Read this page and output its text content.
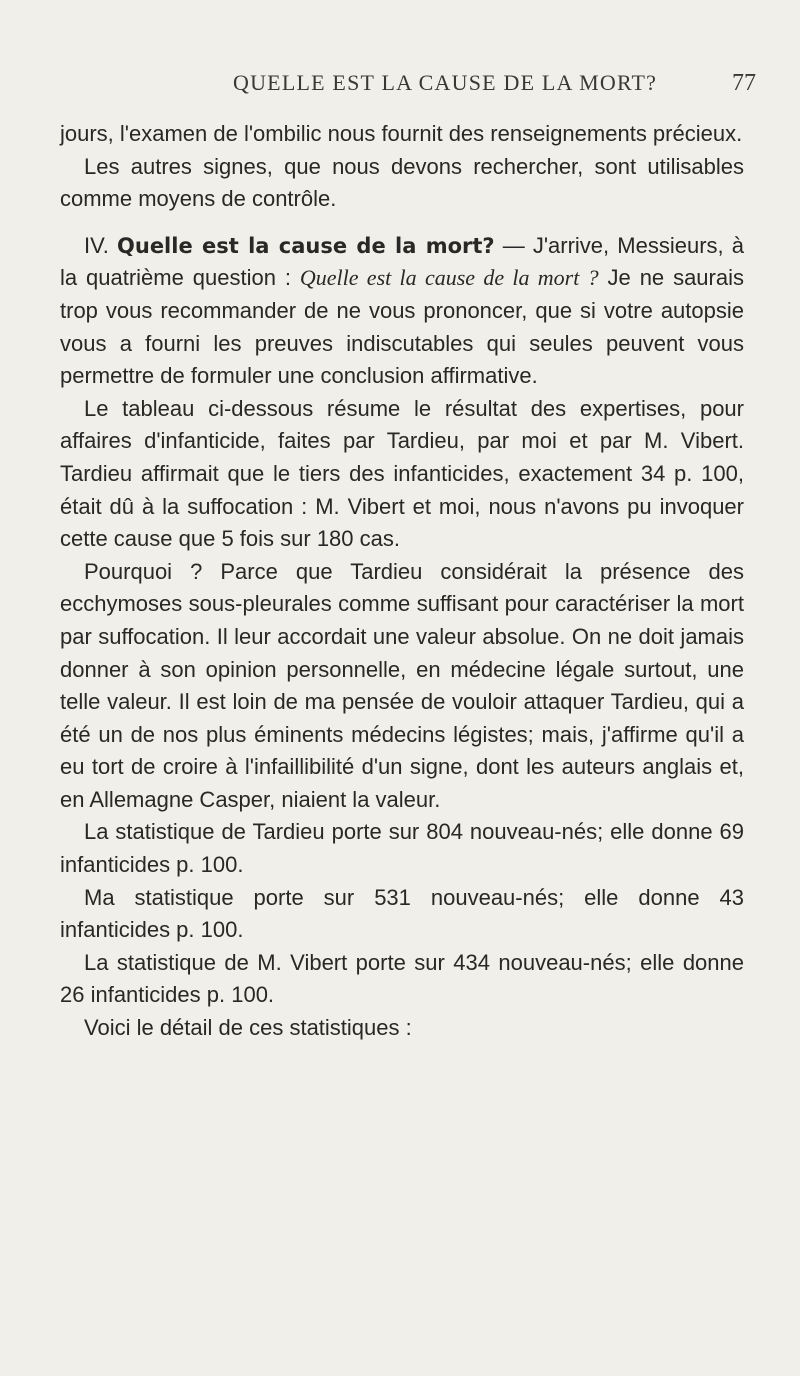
QUELLE EST LA CAUSE DE LA MORT?	77

jours, l'examen de l'ombilic nous fournit des renseignements précieux.

Les autres signes, que nous devons rechercher, sont utilisables comme moyens de contrôle.

IV. Quelle est la cause de la mort? — J'arrive, Messieurs, à la quatrième question : Quelle est la cause de la mort ? Je ne saurais trop vous recommander de ne vous prononcer, que si votre autopsie vous a fourni les preuves indiscutables qui seules peuvent vous permettre de formuler une conclusion affirmative.

Le tableau ci-dessous résume le résultat des expertises, pour affaires d'infanticide, faites par Tardieu, par moi et par M. Vibert. Tardieu affirmait que le tiers des infanticides, exactement 34 p. 100, était dû à la suffocation : M. Vibert et moi, nous n'avons pu invoquer cette cause que 5 fois sur 180 cas.

Pourquoi ? Parce que Tardieu considérait la présence des ecchymoses sous-pleurales comme suffisant pour caractériser la mort par suffocation. Il leur accordait une valeur absolue. On ne doit jamais donner à son opinion personnelle, en médecine légale surtout, une telle valeur. Il est loin de ma pensée de vouloir attaquer Tardieu, qui a été un de nos plus éminents médecins légistes; mais, j'affirme qu'il a eu tort de croire à l'infaillibilité d'un signe, dont les auteurs anglais et, en Allemagne Casper, niaient la valeur.

La statistique de Tardieu porte sur 804 nouveau-nés; elle donne 69 infanticides p. 100.

Ma statistique porte sur 531 nouveau-nés; elle donne 43 infanticides p. 100.

La statistique de M. Vibert porte sur 434 nouveau-nés; elle donne 26 infanticides p. 100.

Voici le détail de ces statistiques :
